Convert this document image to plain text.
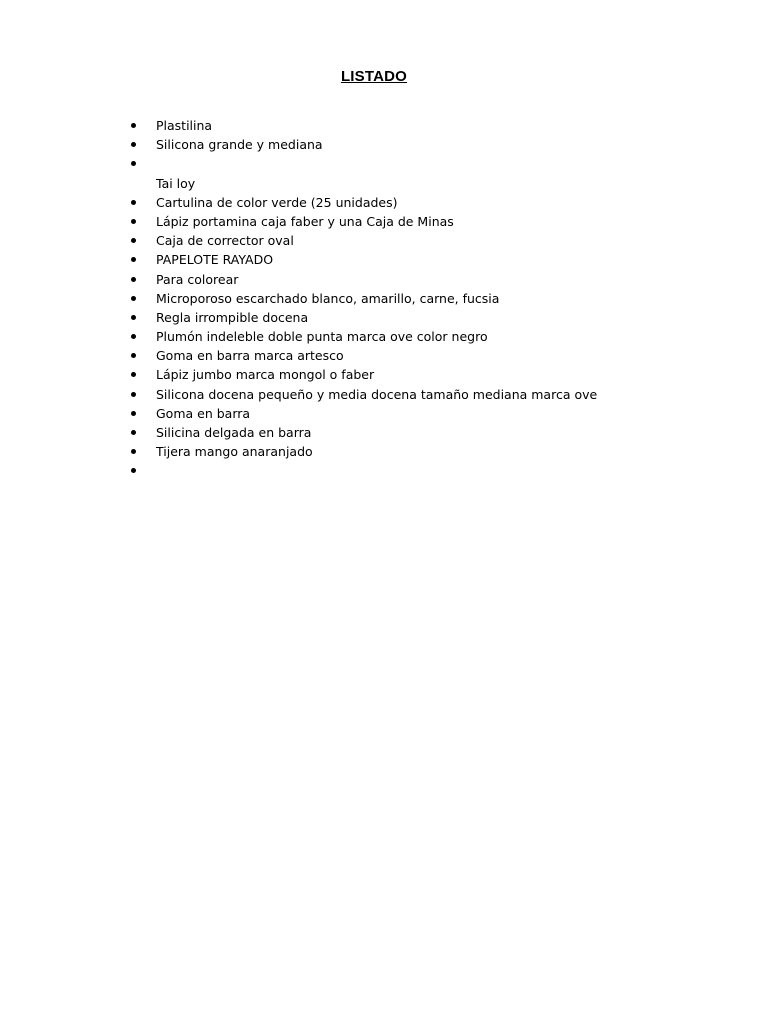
LISTADO
Plastilina
Silicona grande y mediana
Tai loy
Cartulina de color verde (25 unidades)
Lápiz portamina caja faber y una Caja de Minas
Caja de corrector oval
PAPELOTE RAYADO
Para colorear
Microporoso escarchado blanco, amarillo, carne, fucsia
Regla irrompible docena
Plumón indeleble doble punta marca ove color negro
Goma en barra marca artesco
Lápiz jumbo marca mongol o faber
Silicona docena pequeño y media docena tamaño mediana marca ove
Goma en barra
Silicina delgada en barra
Tijera mango anaranjado
